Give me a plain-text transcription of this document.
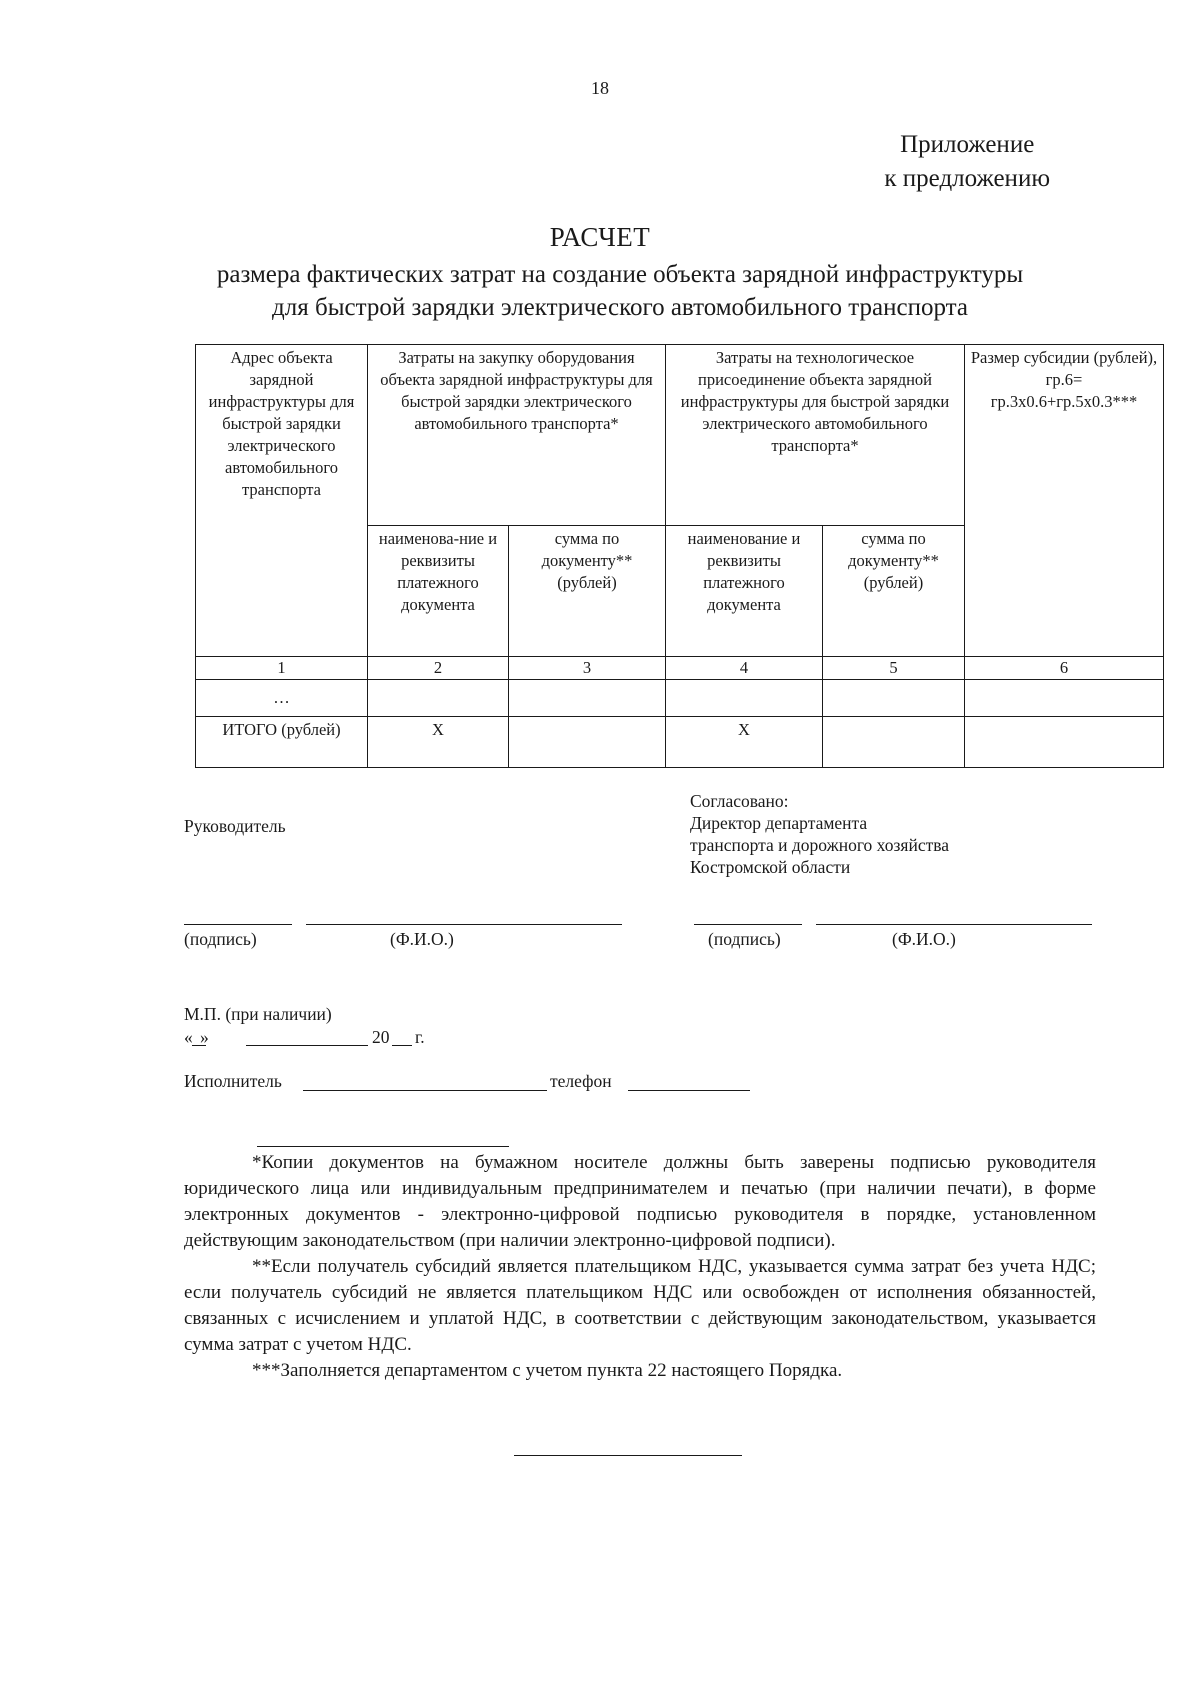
18
Приложение
к предложению
РАСЧЕТ
размера фактических затрат на создание объекта зарядной инфраструктуры
для быстрой зарядки электрического автомобильного транспорта
Адрес объекта зарядной инфраструктуры для быстрой зарядки электрического автомобильного транспорта	Затраты на закупку оборудования объекта зарядной инфраструктуры для быстрой зарядки электрического автомобильного транспорта*		Затраты на технологическое присоединение объекта зарядной инфраструктуры для быстрой зарядки электрического автомобильного транспорта*		Размер субсидии (рублей),
гр.6=
гр.3х0.6+гр.5х0.3***

	наименова-ние и реквизиты платежного документа	сумма по документу** (рублей)	наименование и реквизиты платежного документа	сумма по документу** (рублей)	
1	2	3	4	5	6
…					
ИТОГО (рублей)	Х		Х		
Руководитель
Согласовано:
Директор департамента
транспорта и дорожного хозяйства
Костромской области
(подпись)	(Ф.И.О.)	(подпись)	(Ф.И.О.)
М.П. (при наличии)
« »	20 г.
Исполнитель	телефон

*Копии документов на бумажном носителе должны быть заверены подписью руководителя юридического лица или индивидуальным предпринимателем и печатью (при наличии печати), в форме электронных документов - электронно-цифровой подписью руководителя в порядке, установленном действующим законодательством (при наличии электронно-цифровой подписи).

**Если получатель субсидий является плательщиком НДС, указывается сумма затрат без учета НДС; если получатель субсидий не является плательщиком НДС или освобожден от исполнения обязанностей, связанных с исчислением и уплатой НДС, в соответствии с действующим законодательством, указывается сумма затрат с учетом НДС.

***Заполняется департаментом с учетом пункта 22 настоящего Порядка.
